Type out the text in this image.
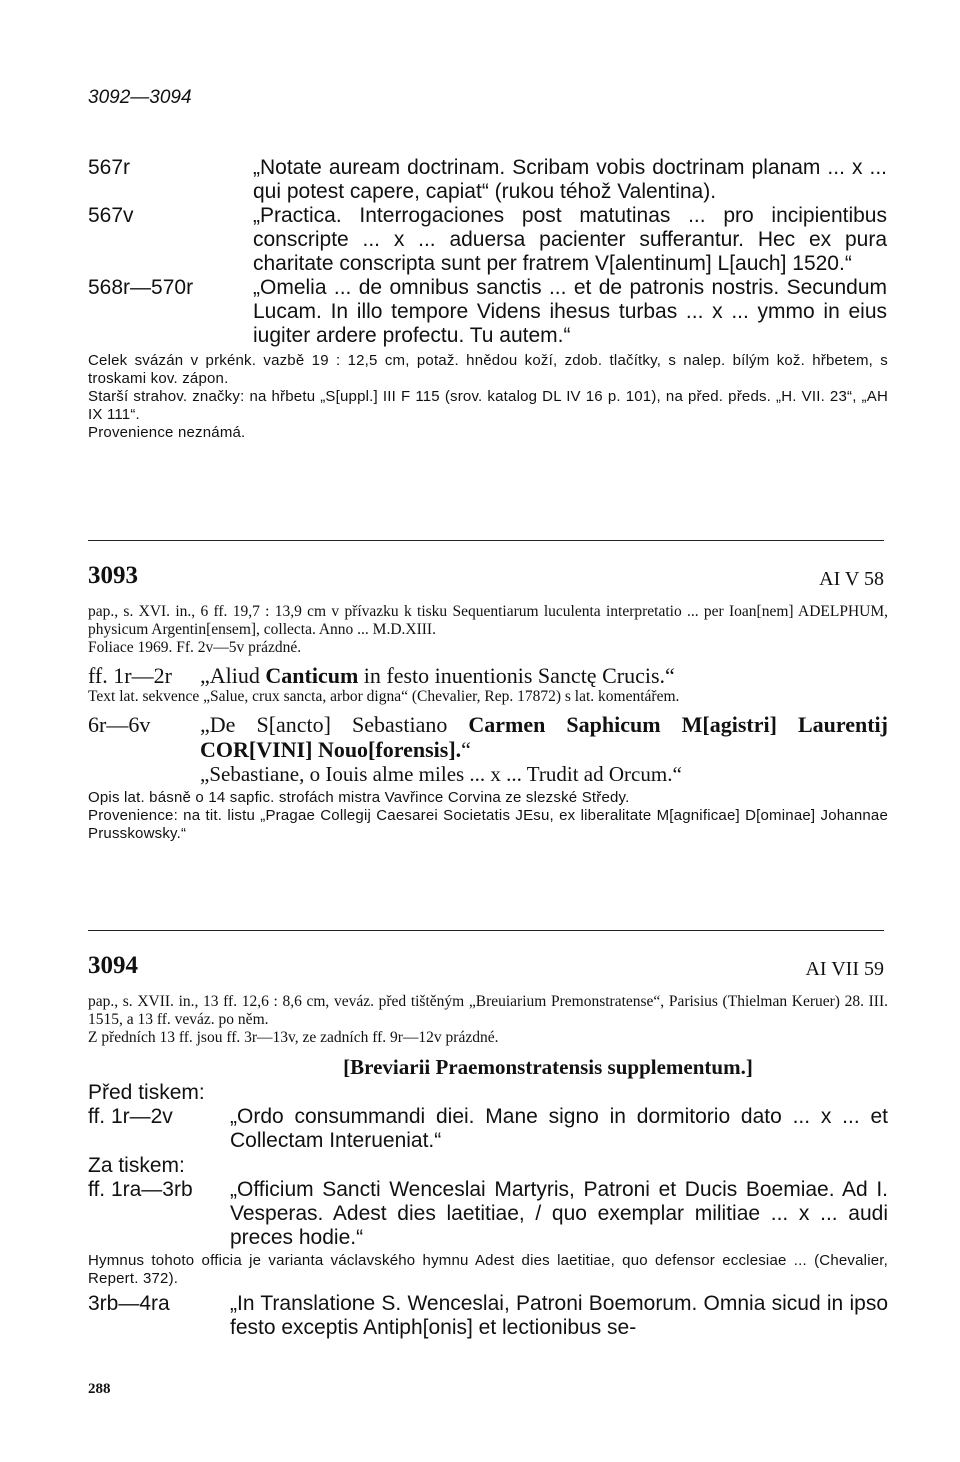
3092—3094
567r	„Notate auream doctrinam. Scribam vobis doctrinam planam ... x ... qui potest capere, capiat“ (rukou téhož Valentina).
567v	„Practica. Interrogaciones post matutinas ... pro incipientibus conscripte ... x ... aduersa pacienter sufferantur. Hec ex pura charitate conscripta sunt per fratrem V[alentinum] L[auch] 1520.“
568r—570r	„Omelia ... de omnibus sanctis ... et de patronis nostris. Secundum Lucam. In illo tempore Videns ihesus turbas ... x ... ymmo in eius iugiter ardere profectu. Tu autem.“
Celek svázán v prkénk. vazbě 19 : 12,5 cm, potaž. hnědou koží, zdob. tlačítky, s nalep. bílým kož. hřbetem, s troskami kov. zápon.
Starší strahov. značky: na hřbetu „S[uppl.] III F 115 (srov. katalog DL IV 16 p. 101), na před. předs. „H. VII. 23“, „AH IX 111“.
Provenience neznámá.
3093	AI V 58
pap., s. XVI. in., 6 ff. 19,7 : 13,9 cm v přívazku k tisku Sequentiarum luculenta interpretatio ... per Ioan[nem] ADELPHUM, physicum Argentin[ensem], collecta. Anno ... M.D.XIII.
Foliace 1969. Ff. 2v—5v prázdné.
ff. 1r—2r	„Aliud Canticum in festo inuentionis Sanctę Crucis.“
Text lat. sekvence „Salue, crux sancta, arbor digna“ (Chevalier, Rep. 17872) s lat. komentářem.
6r—6v	„De S[ancto] Sebastiano Carmen Saphicum M[agistri] Laurentij COR[VINI] Nouo[forensis].“
„Sebastiane, o Iouis alme miles ... x ... Trudit ad Orcum.“
Opis lat. básně o 14 sapfic. strofách mistra Vavřince Corvina ze slezské Středy.
Provenience: na tit. listu „Pragae Collegij Caesarei Societatis JEsu, ex liberalitate M[agnificae] D[ominae] Johannae Prusskowsky.“
3094	AI VII 59
pap., s. XVII. in., 13 ff. 12,6 : 8,6 cm, veváz. před tištěným „Breuiarium Premonstratense“, Parisius (Thielman Keruer) 28. III. 1515, a 13 ff. veváz. po něm.
Z předních 13 ff. jsou ff. 3r—13v, ze zadních ff. 9r—12v prázdné.
[Breviarii Praemonstratensis supplementum.]
Před tiskem:
ff. 1r—2v	„Ordo consummandi diei. Mane signo in dormitorio dato ... x ... et Collectam Interueniat.“
Za tiskem:
ff. 1ra—3rb	„Officium Sancti Wenceslai Martyris, Patroni et Ducis Boemiae. Ad I. Vesperas. Adest dies laetitiae, / quo exemplar militiae ... x ... audi preces hodie.“
Hymnus tohoto officia je varianta václavského hymnu Adest dies laetitiae, quo defensor ecclesiae ... (Chevalier, Repert. 372).
3rb—4ra	„In Translatione S. Wenceslai, Patroni Boemorum. Omnia sicud in ipso festo exceptis Antiph[onis] et lectionibus se-
288
